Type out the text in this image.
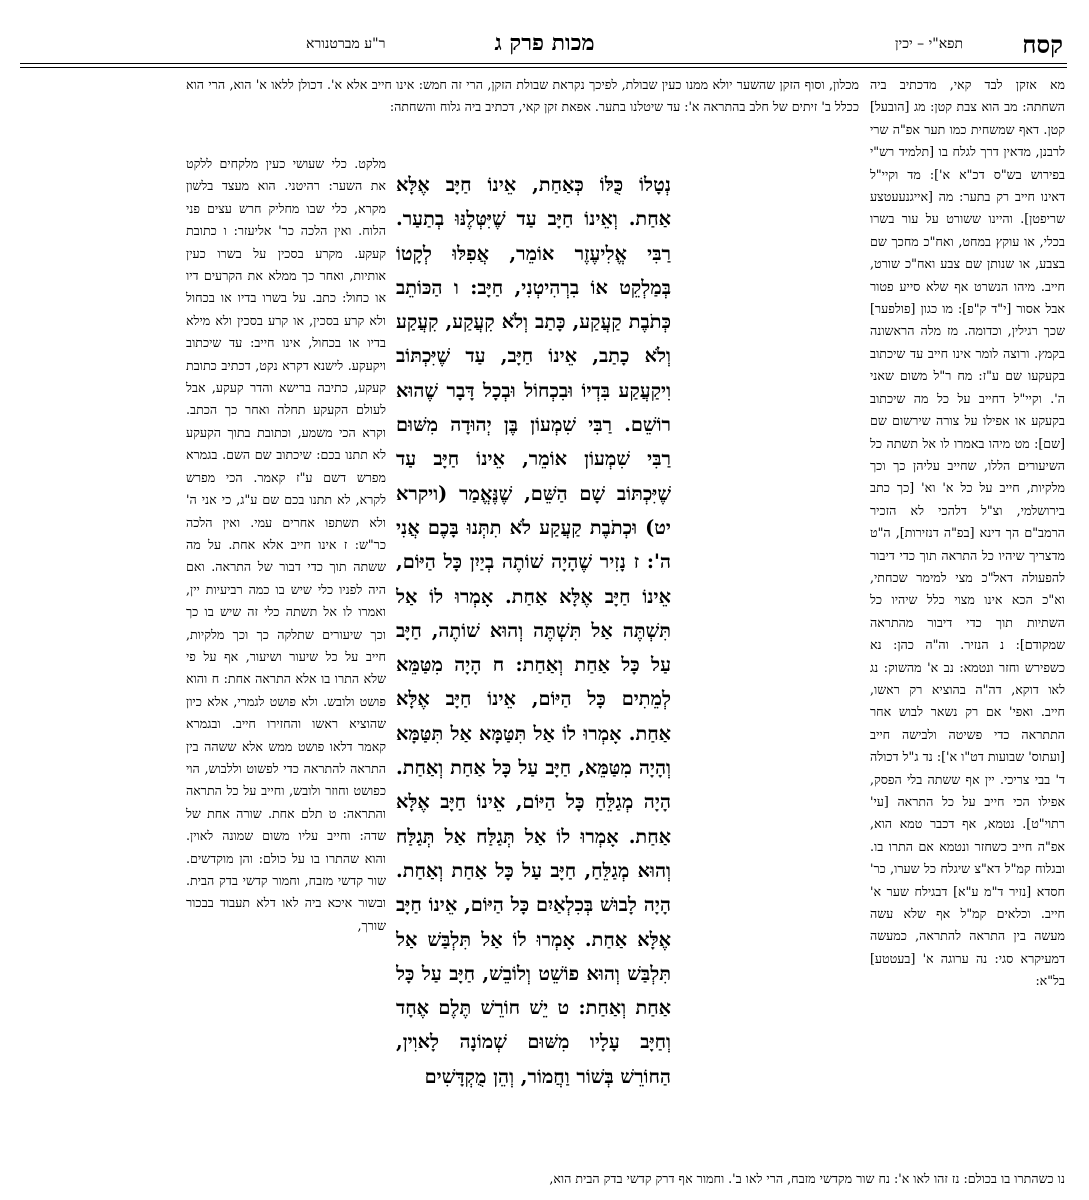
קסח
תפא"י – יכין
מכות פרק ג
ר"ע מברטנורא
מא אזקן לבד קאי, מדכתיב ביה השחתה: מב הוא צבת קטן: מג [הובעל] קטן. דאף שמשחית כמו תער אפ"ה שרי לרבנן, מדאין דרך לגלח בו [תלמיד רש"י בפירוש בש"ס דכ"א א']: מד וקיי"ל דאינו חייב רק בתער: מה [אייגנעעטצע שריפטן]. והיינו ששורט על עור בשרו בכלי, או עוקץ במחט, ואח"כ מחכך שם בצבע, או שנותן שם צבע ואח"כ שורט, חייב. מיהו הנשרט אף שלא סייע פטור אבל אסור [י"ד ק"פ]: מו כגון [פולפער] שכך רגילין, וכדומה. מז מלה הראשונה בקמץ. ורוצה לומר אינו חייב עד שיכתוב בקעקעו שם ע"ז: מח ר"ל משום שאני ה'. וקיי"ל דחייב על כל מה שיכתוב בקעקע או אפילו על צורה שירשום שם [שם]: מט מיהו באמרו לו אל תשתה כל השיעורים הללו, שחייב עליהן כך וכך מלקיות, חייב על כל א' וא' [כך כתב בירושלמי, וצ"ל דלהכי לא הזכיר הרמב"ם הך דינא [בפ"ה דנזירות], ה"ט מדצריך שיהיו כל התראה תוך כדי דיבור להפעולה דאל"כ מצי למימר שכחתי, וא"כ הכא אינו מצוי כלל שיהיו כל השתיות תוך כדי דיבור מהתראה שמקודם]: נ הנזיר. וה"ה כהן: נא כשפירש וחזר ונטמא: נב א' מהשוק: נג לאו דוקא, דה"ה בהוציא רק ראשו, חייב. ואפי' אם רק נשאר לבוש אחר התתראה כדי פשיטה ולבישה חייב [ועתוס' שבועות דט"ו א']: נד ג"ל דכולה ד' בבי צריכי. יין אף ששתה בלי הפסק, אפילו הכי חייב על כל התראה [עי' רתוי"ט]. נטמא, אף דכבר טמא הוא, אפ"ה חייב כשחזר ונטמא אם התרו בו. ובגלוח קמ"ל דא"צ שיגלח כל שערו, כר' חסדא [נזיר ד"מ ע"א] דבגילח שער א' חייב. וכלאים קמ"ל אף שלא עשה מעשה בין התראה להתראה, כמעשה דמעיקרא סגי: נה ערוגה א' [בעטטע] בל"א:
מכלון, וסוף הזקן שהשער יולא ממנו כעין שבולת, לפיכך נקראת שבולת הזקן, הרי זה חמש: אינו חייב אלא א'. דכולן ללאו א' הוא, הרי הוא ככלל ב' זיתים של חלב בהתראה א': עד שיטלנו בתער. אפאת זקן קאי, דכתיב ביה גלוח והשחתה:
נְטָלוֹ כֻּלּוֹ כְּאַחַת, אֵינוֹ חַיָּב אֶלָּא אַחַת. וְאֵינוֹ חַיָּב עַד שֶׁיִּטְּלֶנּוּ בְתַעַר. רַבִּי אֱלִיעֶזֶר אוֹמֵר, אֲפִלּוּ לְקָטוֹ בְּמַלְקֵט אוֹ בִרְהִיטְנִי, חַיָּב: ו הַכּוֹתֵב כְּתֹבֶת קַעֲקַע, כָּתַב וְלֹא קִעֲקַע, קִעֲקַע וְלֹא כָתַב, אֵינוֹ חַיָּב, עַד שֶׁיִּכְתּוֹב וִיקַעֲקַע בִּדְיוֹ וּבִכְחוֹל וּבְכָל דָּבָר שֶׁהוּא רוֹשֵׁם. רַבִּי שִׁמְעוֹן בֶּן יְהוּדָה מִשּׁוּם רַבִּי שִׁמְעוֹן אוֹמֵר, אֵינוֹ חַיָּב עַד שֶׁיִּכְתּוֹב שָׁם הַשֵּׁם, שֶׁנֶּאֱמַר (ויקרא יט) וּכְתֹבֶת קַעֲקַע לֹא תִתְּנוּ בָּכֶם אֲנִי ה': ז נָזִיר שֶׁהָיָה שׁוֹתֶה בְיַיִן כָּל הַיּוֹם, אֵינוֹ חַיָּב אֶלָּא אַחַת. אָמְרוּ לוֹ אַל תִּשְׁתֶּה אַל תִּשְׁתֶּה וְהוּא שׁוֹתֶה, חַיָּב עַל כָּל אַחַת וְאַחַת: ח הָיָה מִטַּמֵּא לְמֵתִים כָּל הַיּוֹם, אֵינוֹ חַיָּב אֶלָּא אַחַת. אָמְרוּ לוֹ אַל תִּטַּמָּא אַל תִּטַּמָּא וְהָיָה מִטַּמֵּא, חַיָּב עַל כָּל אַחַת וְאַחַת. הָיָה מְגַלֵּחַ כָּל הַיּוֹם, אֵינוֹ חַיָּב אֶלָּא אַחַת. אָמְרוּ לוֹ אַל תְּגַלַּח אַל תְּגַלַּח וְהוּא מְגַלֵּחַ, חַיָּב עַל כָּל אַחַת וְאַחַת. הָיָה לָבוּשׁ בְּכִלְאַיִם כָּל הַיּוֹם, אֵינוֹ חַיָּב אֶלָּא אַחַת. אָמְרוּ לוֹ אַל תִּלְבַּשׁ אַל תִּלְבַּשׁ וְהוּא פוֹשֵׁט וְלוֹבֵשׁ, חַיָּב עַל כָּל אַחַת וְאַחַת: ט יֵשׁ חוֹרֵשׁ תֶּלֶם אֶחָד וְחַיָּב עָלָיו מִשּׁוּם שְׁמוֹנָה לָאוִין, הַחוֹרֵשׁ בְּשׁוֹר וַחֲמוֹר, וְהֵן מֻקְדָּשִׁים
מלקט. כלי שעושי כעין מלקחים ללקט את השער: רהיטני. הוא מעצד בלשון מקרא, כלי שבו מחליק חרש עצים פני הלוח. ואין הלכה כר' אליעזר: ו כתובת קעקע. מקרע בסכין על בשרו כעין אותיות, ואחר כך ממלא את הקרעים דיו או כחול: כתב. על בשרו בדיו או בכחול ולא קרע בסכין, או קרע בסכין ולא מילא בדיו או בכחול, אינו חייב: עד שיכתוב ויקעקע. לישנא דקרא נקט, דכתיב כתובת קעקע, כתיבה ברישא והדר קעקע, אבל לעולם הקעקע תחלה ואחר כך הכתב. וקרא הכי משמע, וכתובת בתוך הקעקע לא תתנו בכם: שיכתוב שם השם. בגמרא מפרש דשם ע"ז קאמר. הכי מפרש לקרא, לא תתנו בכם שם ע"ג, כי אני ה' ולא תשתפו אחרים עמי. ואין הלכה כר"ש: ז אינו חייב אלא אחת. על מה ששתה תוך כדי דבור של התראה. ואם היה לפניו כלי שיש בו כמה רביעיות יין, ואמרו לו אל תשתה כלי זה שיש בו כך וכך שיעורים שתלקה כך וכך מלקיות, חייב על כל שיעור ושיעור, אף על פי שלא התרו בו אלא התראה אחת: ח והוא פושט ולובש. ולא פושט לגמרי, אלא כיון שהוציא ראשו והחזירו חייב. ובגמרא קאמר דלאו פושט ממש אלא ששהה בין התראה להתראה כדי לפשוט וללבוש, הוי כפושט וחוזר ולובש, וחייב על כל התראה והתראה: ט תלם אחת. שורה אחת של שדה: וחייב עליו משום שמונה לאוין. והוא שהתרו בו על כולם: והן מוקדשים. שור קדשי מזבח, וחמור קדשי בדק הבית. ובשור איכא ביה לאו דלא תעבוד בבכור שורך,
נו כשהתרו בו בכולם: נז זהו לאו א': נח שור מקדשי מזבח, הרי לאו ב'. וחמור אף דרק קדשי בדק הבית הוא,
